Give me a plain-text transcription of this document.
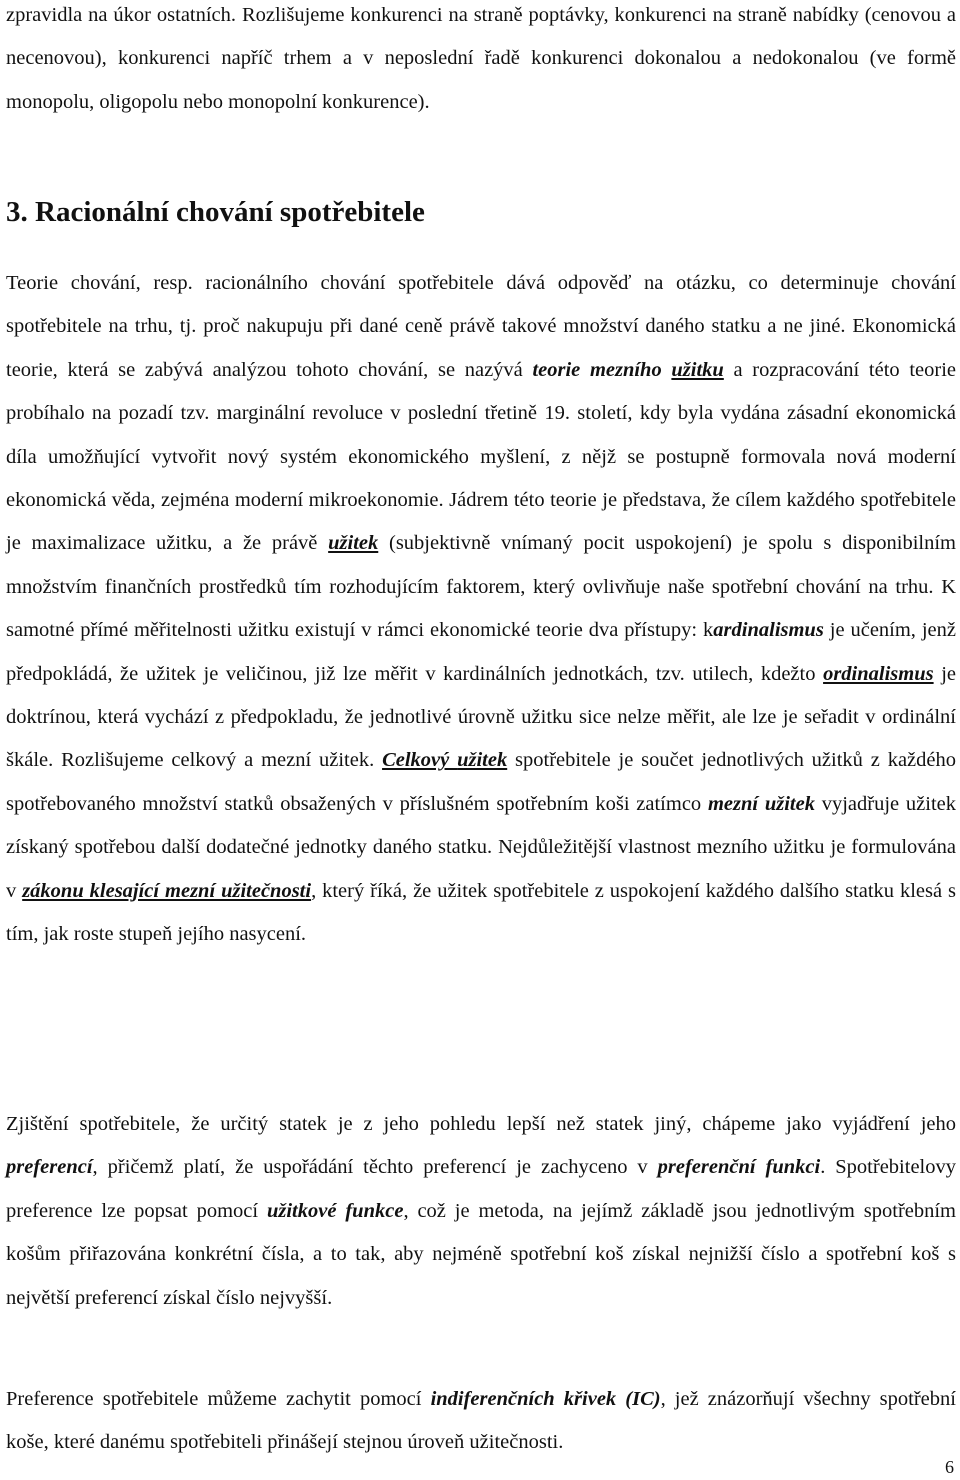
zpravidla na úkor ostatních. Rozlišujeme konkurenci na straně poptávky, konkurenci na straně nabídky (cenovou a necenovou), konkurenci napříč trhem a v neposlední řadě konkurenci dokonalou a nedokonalou (ve formě monopolu, oligopolu nebo monopolní konkurence).

3. Racionální chování spotřebitele

Teorie chování, resp. racionálního chování spotřebitele dává odpověď na otázku, co determinuje chování spotřebitele na trhu, tj. proč nakupuju při dané ceně právě takové množství daného statku a ne jiné. Ekonomická teorie, která se zabývá analýzou tohoto chování, se nazývá teorie mezního užitku a rozpracování této teorie probíhalo na pozadí tzv. marginální revoluce v poslední třetině 19. století, kdy byla vydána zásadní ekonomická díla umožňující vytvořit nový systém ekonomického myšlení, z nějž se postupně formovala nová moderní ekonomická věda, zejména moderní mikroekonomie. Jádrem této teorie je představa, že cílem každého spotřebitele je maximalizace užitku, a že právě užitek (subjektivně vnímaný pocit uspokojení) je spolu s disponibilním množstvím finančních prostředků tím rozhodujícím faktorem, který ovlivňuje naše spotřební chování na trhu. K samotné přímé měřitelnosti užitku existují v rámci ekonomické teorie dva přístupy: kardinalismus je učením, jenž předpokládá, že užitek je veličinou, již lze měřit v kardinálních jednotkách, tzv. utilech, kdežto ordinalismus je doktrínou, která vychází z předpokladu, že jednotlivé úrovně užitku sice nelze měřit, ale lze je seřadit v ordinální škále. Rozlišujeme celkový a mezní užitek. Celkový užitek spotřebitele je součet jednotlivých užitků z každého spotřebovaného množství statků obsažených v příslušném spotřebním koši zatímco mezní užitek vyjadřuje užitek získaný spotřebou další dodatečné jednotky daného statku. Nejdůležitější vlastnost mezního užitku je formulována v zákonu klesající mezní užitečnosti, který říká, že užitek spotřebitele z uspokojení každého dalšího statku klesá s tím, jak roste stupeň jejího nasycení.

Zjištění spotřebitele, že určitý statek je z jeho pohledu lepší než statek jiný, chápeme jako vyjádření jeho preferencí, přičemž platí, že uspořádání těchto preferencí je zachyceno v preferenční funkci. Spotřebitelovy preference lze popsat pomocí užitkové funkce, což je metoda, na jejímž základě jsou jednotlivým spotřebním košům přiřazována konkrétní čísla, a to tak, aby nejméně spotřební koš získal nejnižší číslo a spotřební koš s největší preferencí získal číslo nejvyšší.

Preference spotřebitele můžeme zachytit pomocí indiferenčních křivek (IC), jež znázorňují všechny spotřební koše, které danému spotřebiteli přinášejí stejnou úroveň užitečnosti.

6
